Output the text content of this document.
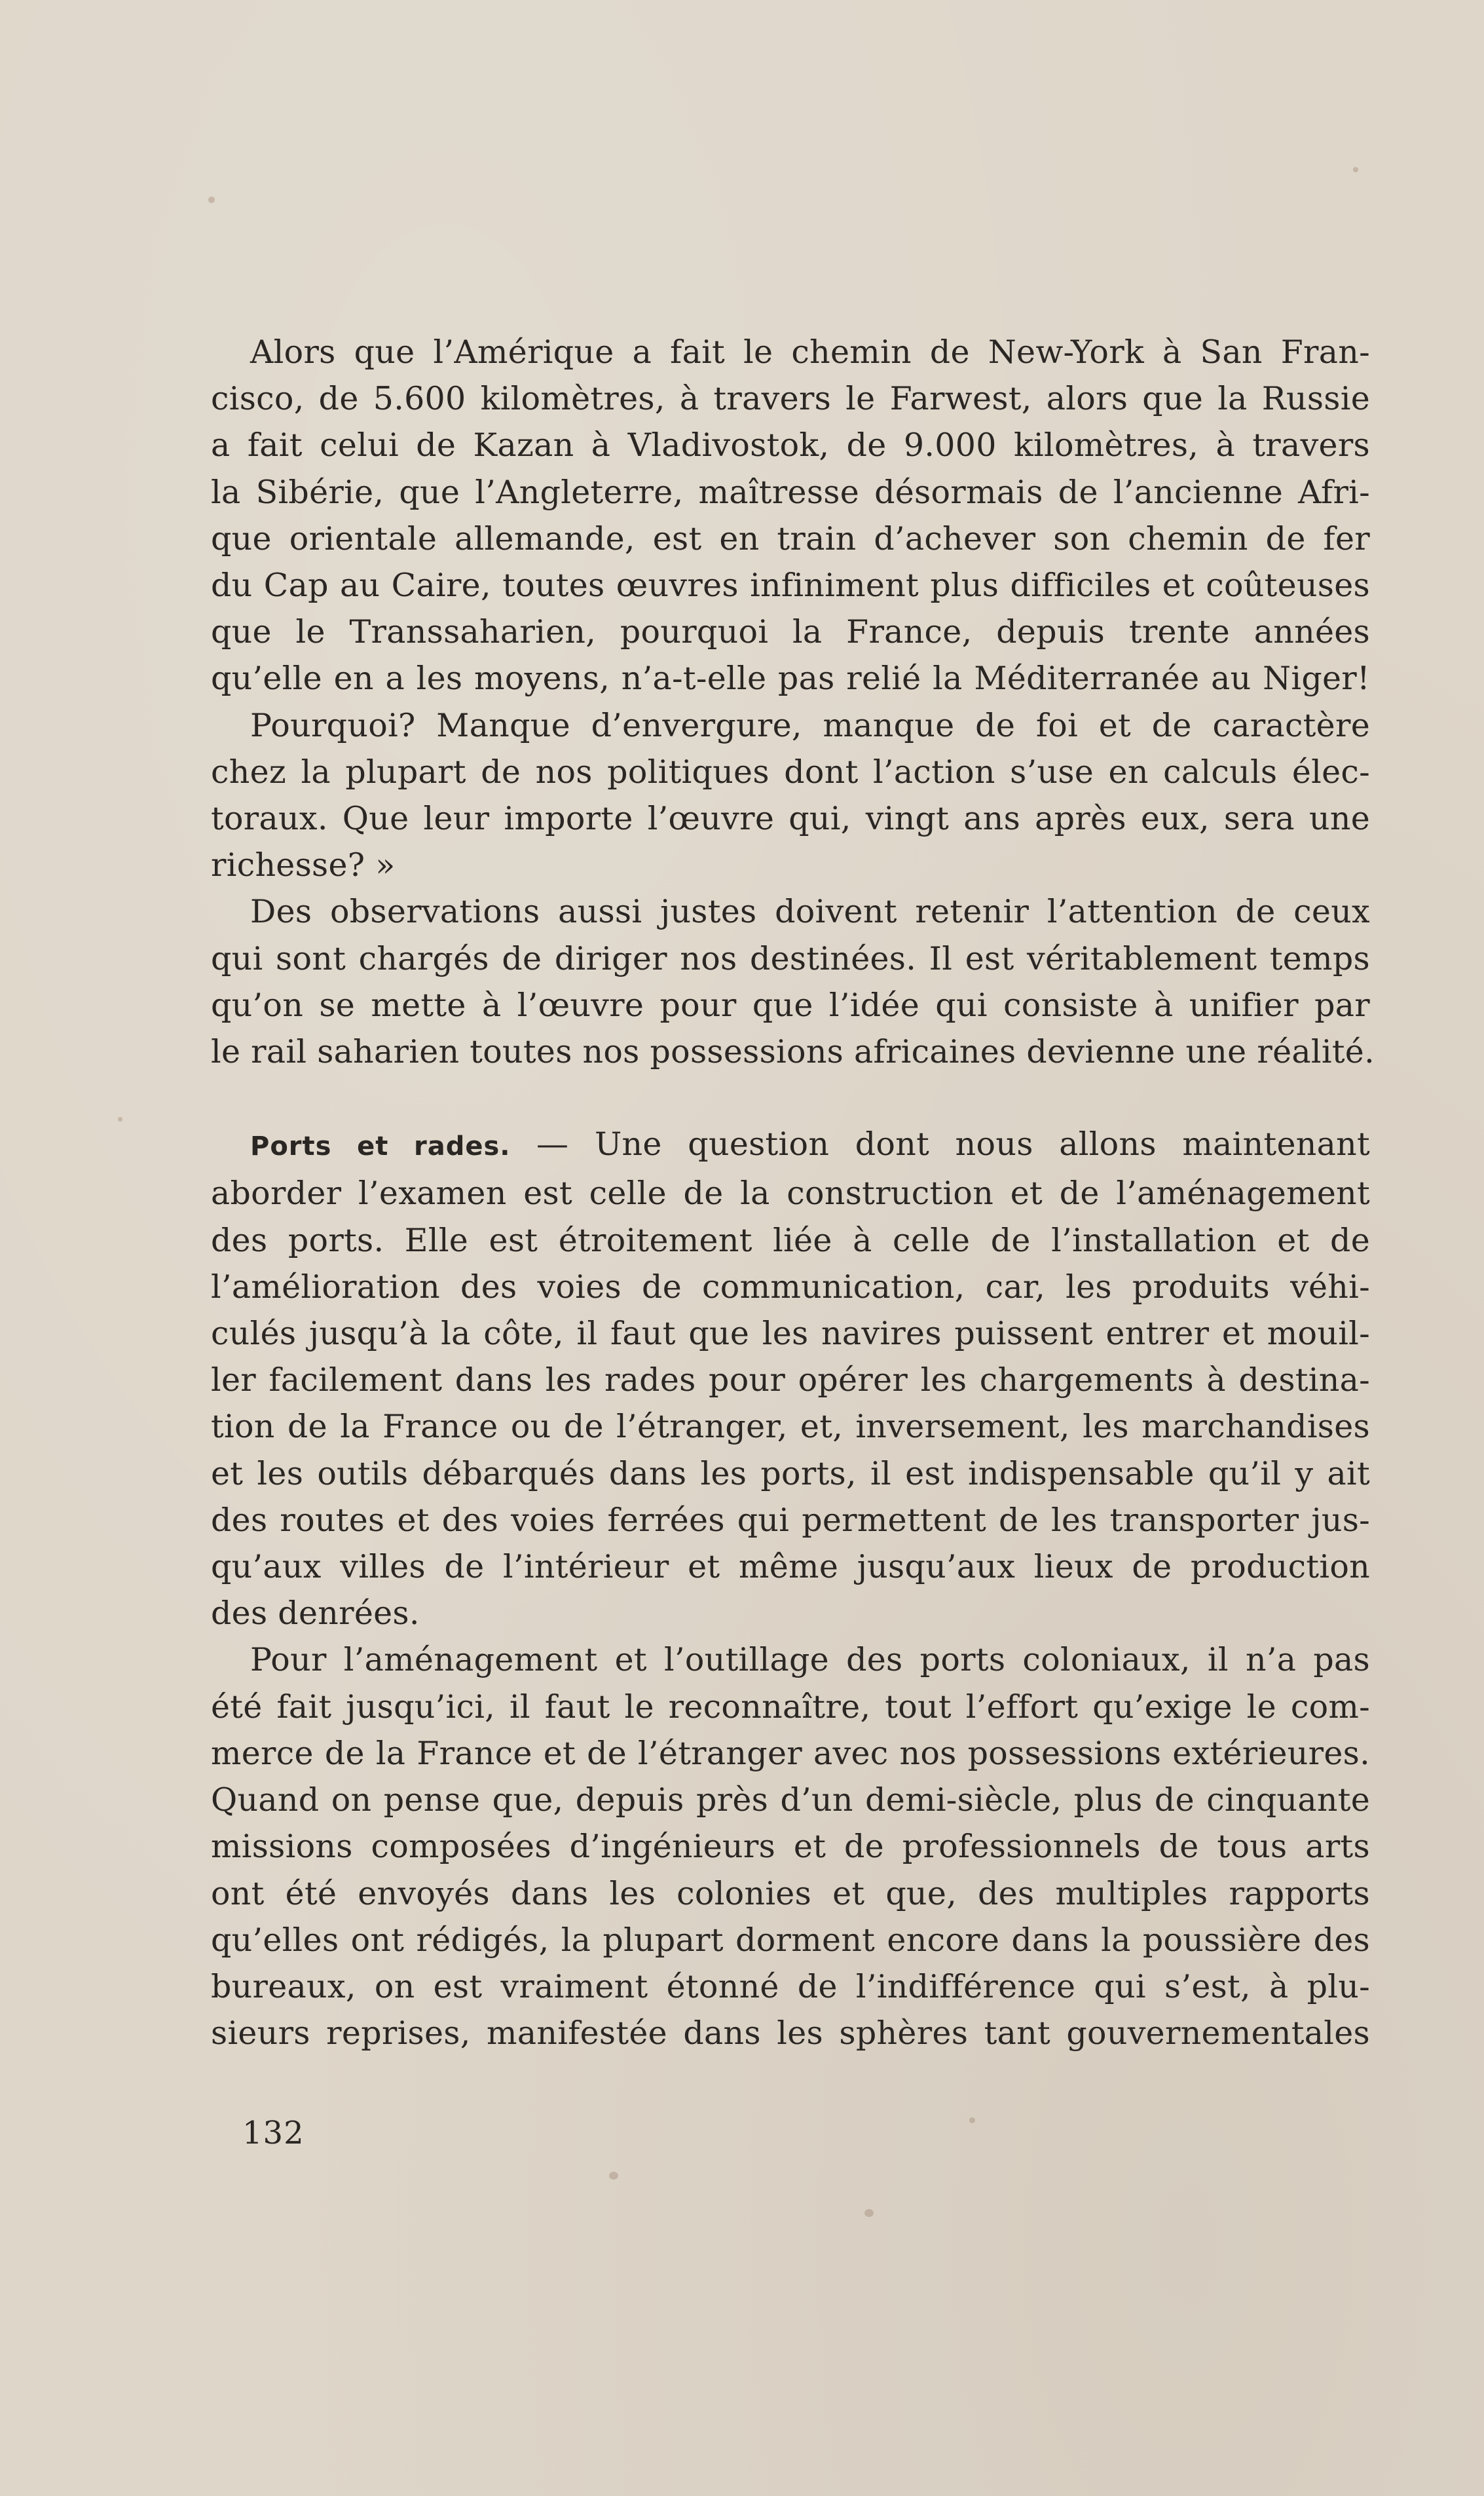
Alors que l’Amérique a fait le chemin de New-York à San Fran-

cisco, de 5.600 kilomètres, à travers le Farwest, alors que la Russie

a fait celui de Kazan à Vladivostok, de 9.000 kilomètres, à travers

la Sibérie, que l’Angleterre, maîtresse désormais de l’ancienne Afri-

que orientale allemande, est en train d’achever son chemin de fer

du Cap au Caire, toutes œuvres infiniment plus difficiles et coûteuses

que le Transsaharien, pourquoi la France, depuis trente années

qu’elle en a les moyens, n’a-t-elle pas relié la Méditerranée au Niger!

Pourquoi? Manque d’envergure, manque de foi et de caractère

chez la plupart de nos politiques dont l’action s’use en calculs élec-

toraux. Que leur importe l’œuvre qui, vingt ans après eux, sera une

richesse? »

Des observations aussi justes doivent retenir l’attention de ceux

qui sont chargés de diriger nos destinées. Il est véritablement temps

qu’on se mette à l’œuvre pour que l’idée qui consiste à unifier par

le rail saharien toutes nos possessions africaines devienne une réalité.

Ports et rades. — Une question dont nous allons maintenant

aborder l’examen est celle de la construction et de l’aménagement

des ports. Elle est étroitement liée à celle de l’installation et de

l’amélioration des voies de communication, car, les produits véhi-

culés jusqu’à la côte, il faut que les navires puissent entrer et mouil-

ler facilement dans les rades pour opérer les chargements à destina-

tion de la France ou de l’étranger, et, inversement, les marchandises

et les outils débarqués dans les ports, il est indispensable qu’il y ait

des routes et des voies ferrées qui permettent de les transporter jus-

qu’aux villes de l’intérieur et même jusqu’aux lieux de production

des denrées.

Pour l’aménagement et l’outillage des ports coloniaux, il n’a pas

été fait jusqu’ici, il faut le reconnaître, tout l’effort qu’exige le com-

merce de la France et de l’étranger avec nos possessions extérieures.

Quand on pense que, depuis près d’un demi-siècle, plus de cinquante

missions composées d’ingénieurs et de professionnels de tous arts

ont été envoyés dans les colonies et que, des multiples rapports

qu’elles ont rédigés, la plupart dorment encore dans la poussière des

bureaux, on est vraiment étonné de l’indifférence qui s’est, à plu-

sieurs reprises, manifestée dans les sphères tant gouvernementales

132
